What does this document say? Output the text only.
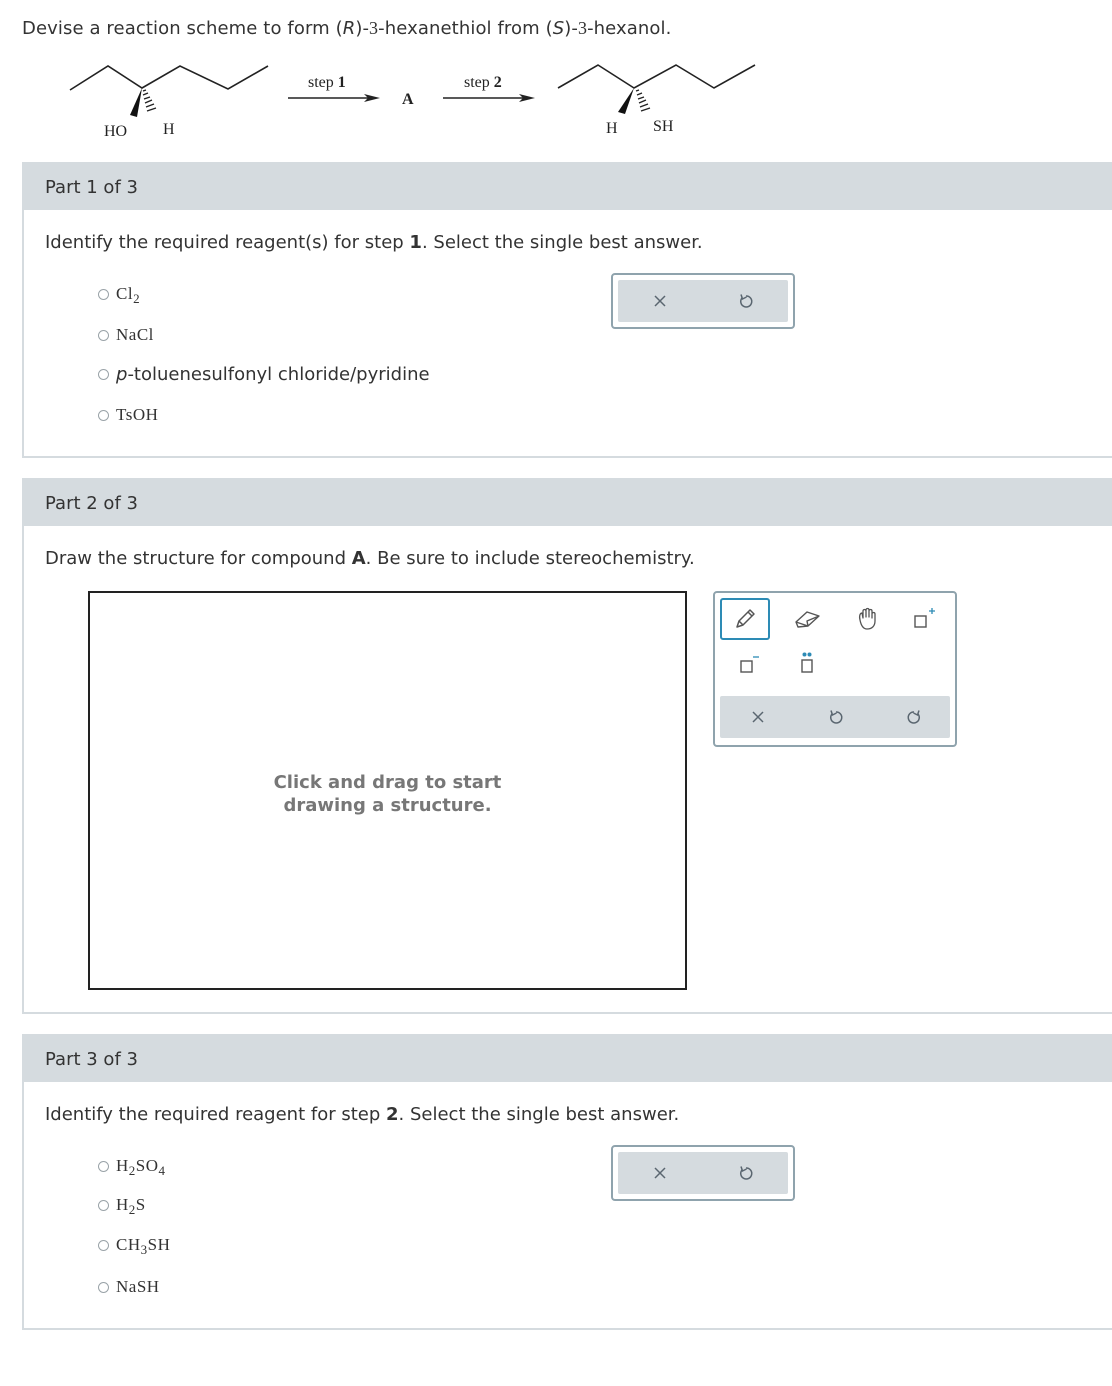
Devise a reaction scheme to form (R)-3-hexanethiol from (S)-3-hexanol.
HO H
step 1
A
step 2
H SH
Part 1 of 3
Identify the required reagent(s) for step 1. Select the single best answer.
$Cl_2$
NaCl
p-toluenesulfonyl chloride/pyridine
TsOH
Part 2 of 3
Draw the structure for compound A. Be sure to include stereochemistry.
Click and drag to start
drawing a structure.
Part 3 of 3
Identify the required reagent for step 2. Select the single best answer.
$H_2SO_4$
$H_2S$
$CH_3SH$
NaSH
